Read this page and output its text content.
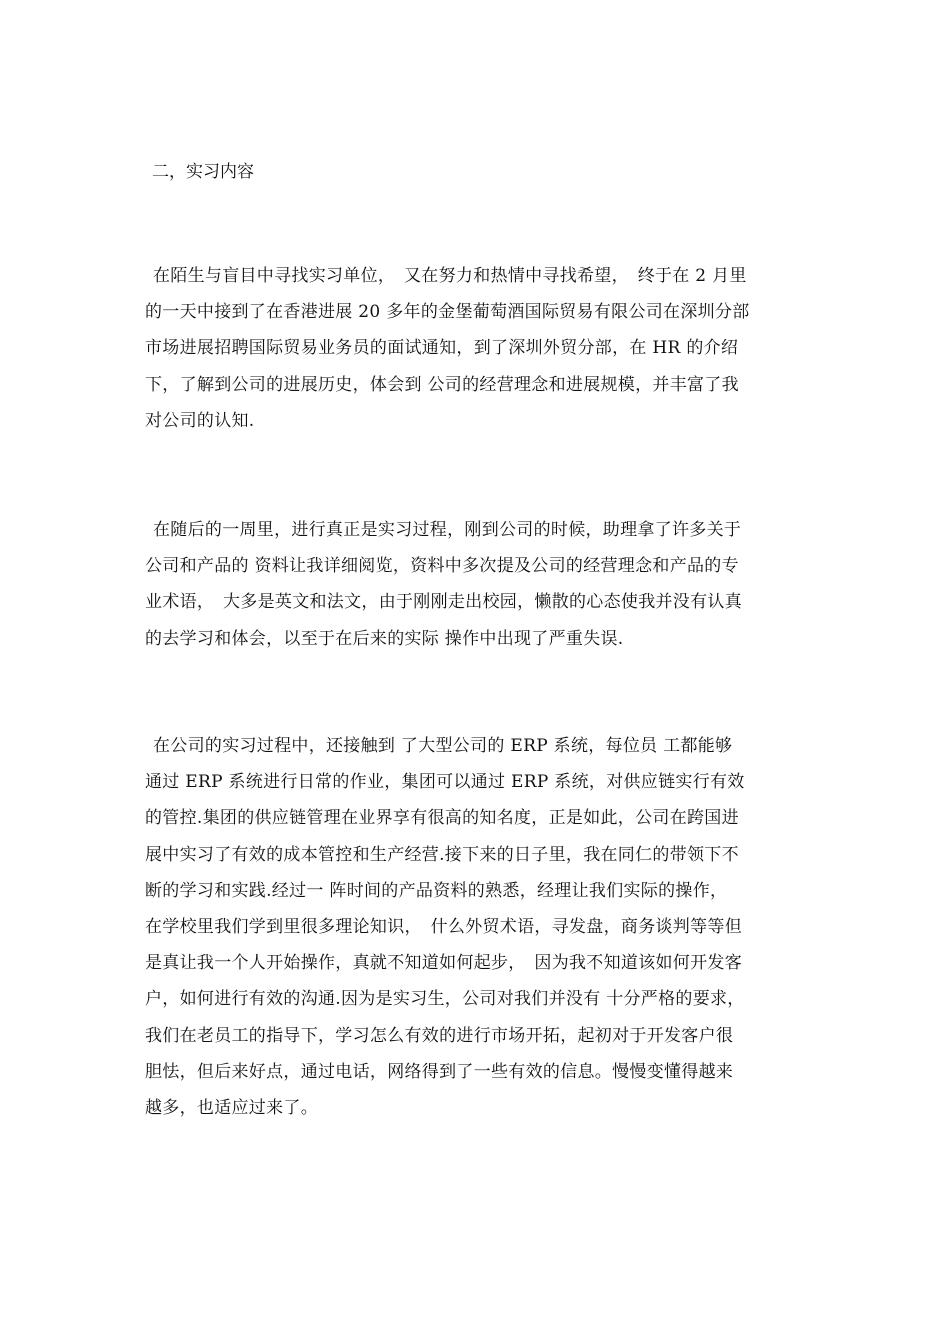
二，实习内容

在陌生与盲目中寻找实习单位，　又在努力和热情中寻找希望，　终于在 2 月里
的一天中接到了在香港进展 20 多年的金堡葡萄酒国际贸易有限公司在深圳分部
市场进展招聘国际贸易业务员的面试通知，到了深圳外贸分部，在 HR 的介绍
下，了解到公司的进展历史，体会到 公司的经营理念和进展规模，并丰富了我
对公司的认知.

在随后的一周里，进行真正是实习过程，刚到公司的时候，助理拿了许多关于
公司和产品的 资料让我详细阅览，资料中多次提及公司的经营理念和产品的专
业术语，　大多是英文和法文，由于刚刚走出校园，懒散的心态使我并没有认真
的去学习和体会，以至于在后来的实际 操作中出现了严重失误.

在公司的实习过程中，还接触到 了大型公司的 ERP 系统，每位员 工都能够
通过 ERP 系统进行日常的作业，集团可以通过 ERP 系统，对供应链实行有效
的管控.集团的供应链管理在业界享有很高的知名度，正是如此，公司在跨国进
展中实习了有效的成本管控和生产经营.接下来的日子里，我在同仁的带领下不
断的学习和实践.经过一 阵时间的产品资料的熟悉，经理让我们实际的操作，
在学校里我们学到里很多理论知识，　什么外贸术语，寻发盘，商务谈判等等但
是真让我一个人开始操作，真就不知道如何起步，　因为我不知道该如何开发客
户，如何进行有效的沟通.因为是实习生，公司对我们并没有 十分严格的要求，
我们在老员工的指导下，学习怎么有效的进行市场开拓，起初对于开发客户很
胆怯，但后来好点，通过电话，网络得到了一些有效的信息。慢慢变懂得越来
越多，也适应过来了。
